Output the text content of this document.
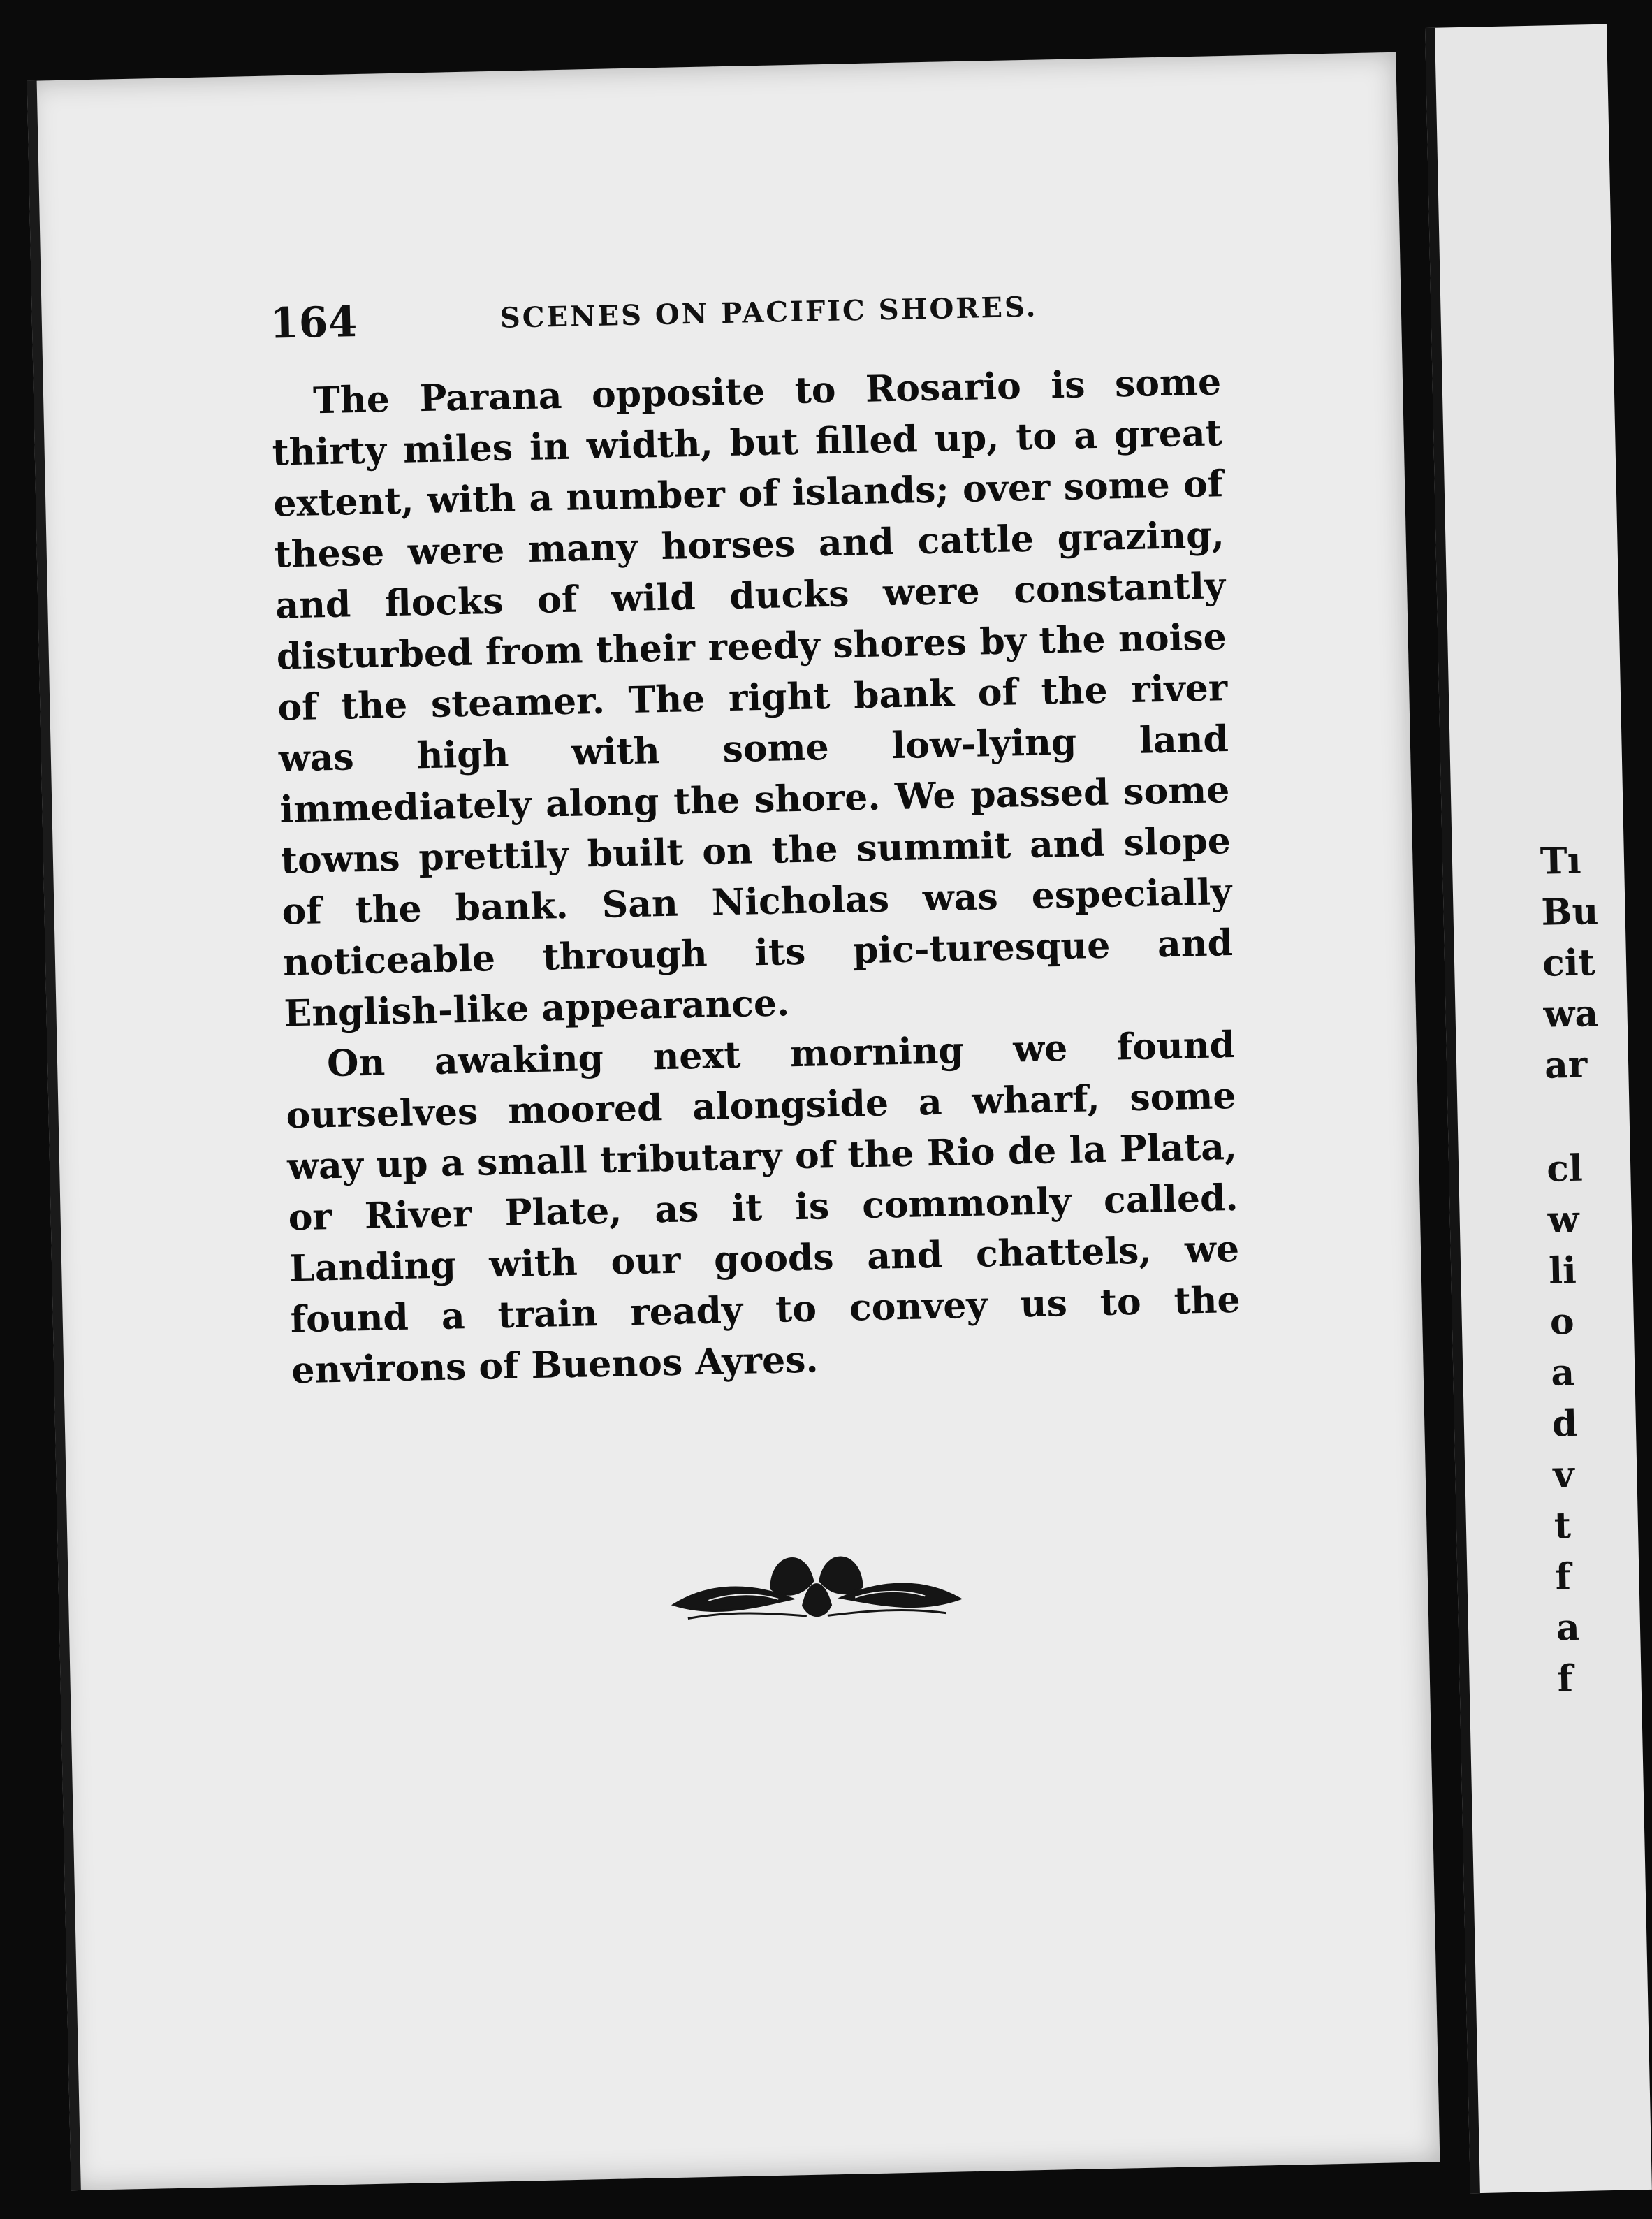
164	SCENES ON PACIFIC SHORES.

The Parana opposite to Rosario is some thirty miles in width, but filled up, to a great extent, with a number of islands; over some of these were many horses and cattle grazing, and flocks of wild ducks were constantly disturbed from their reedy shores by the noise of the steamer. The right bank of the river was high with some low-lying land immediately along the shore. We passed some towns prettily built on the summit and slope of the bank. San Nicholas was especially noticeable through its pic-turesque and English-like appearance.

On awaking next morning we found ourselves moored alongside a wharf, some way up a small tributary of the Rio de la Plata, or River Plate, as it is commonly called. Landing with our goods and chattels, we found a train ready to convey us to the environs of Buenos Ayres.

Tı
Bu
cit
wa
ar
cl
w
li
o
a
d
v
t
f
a
f
